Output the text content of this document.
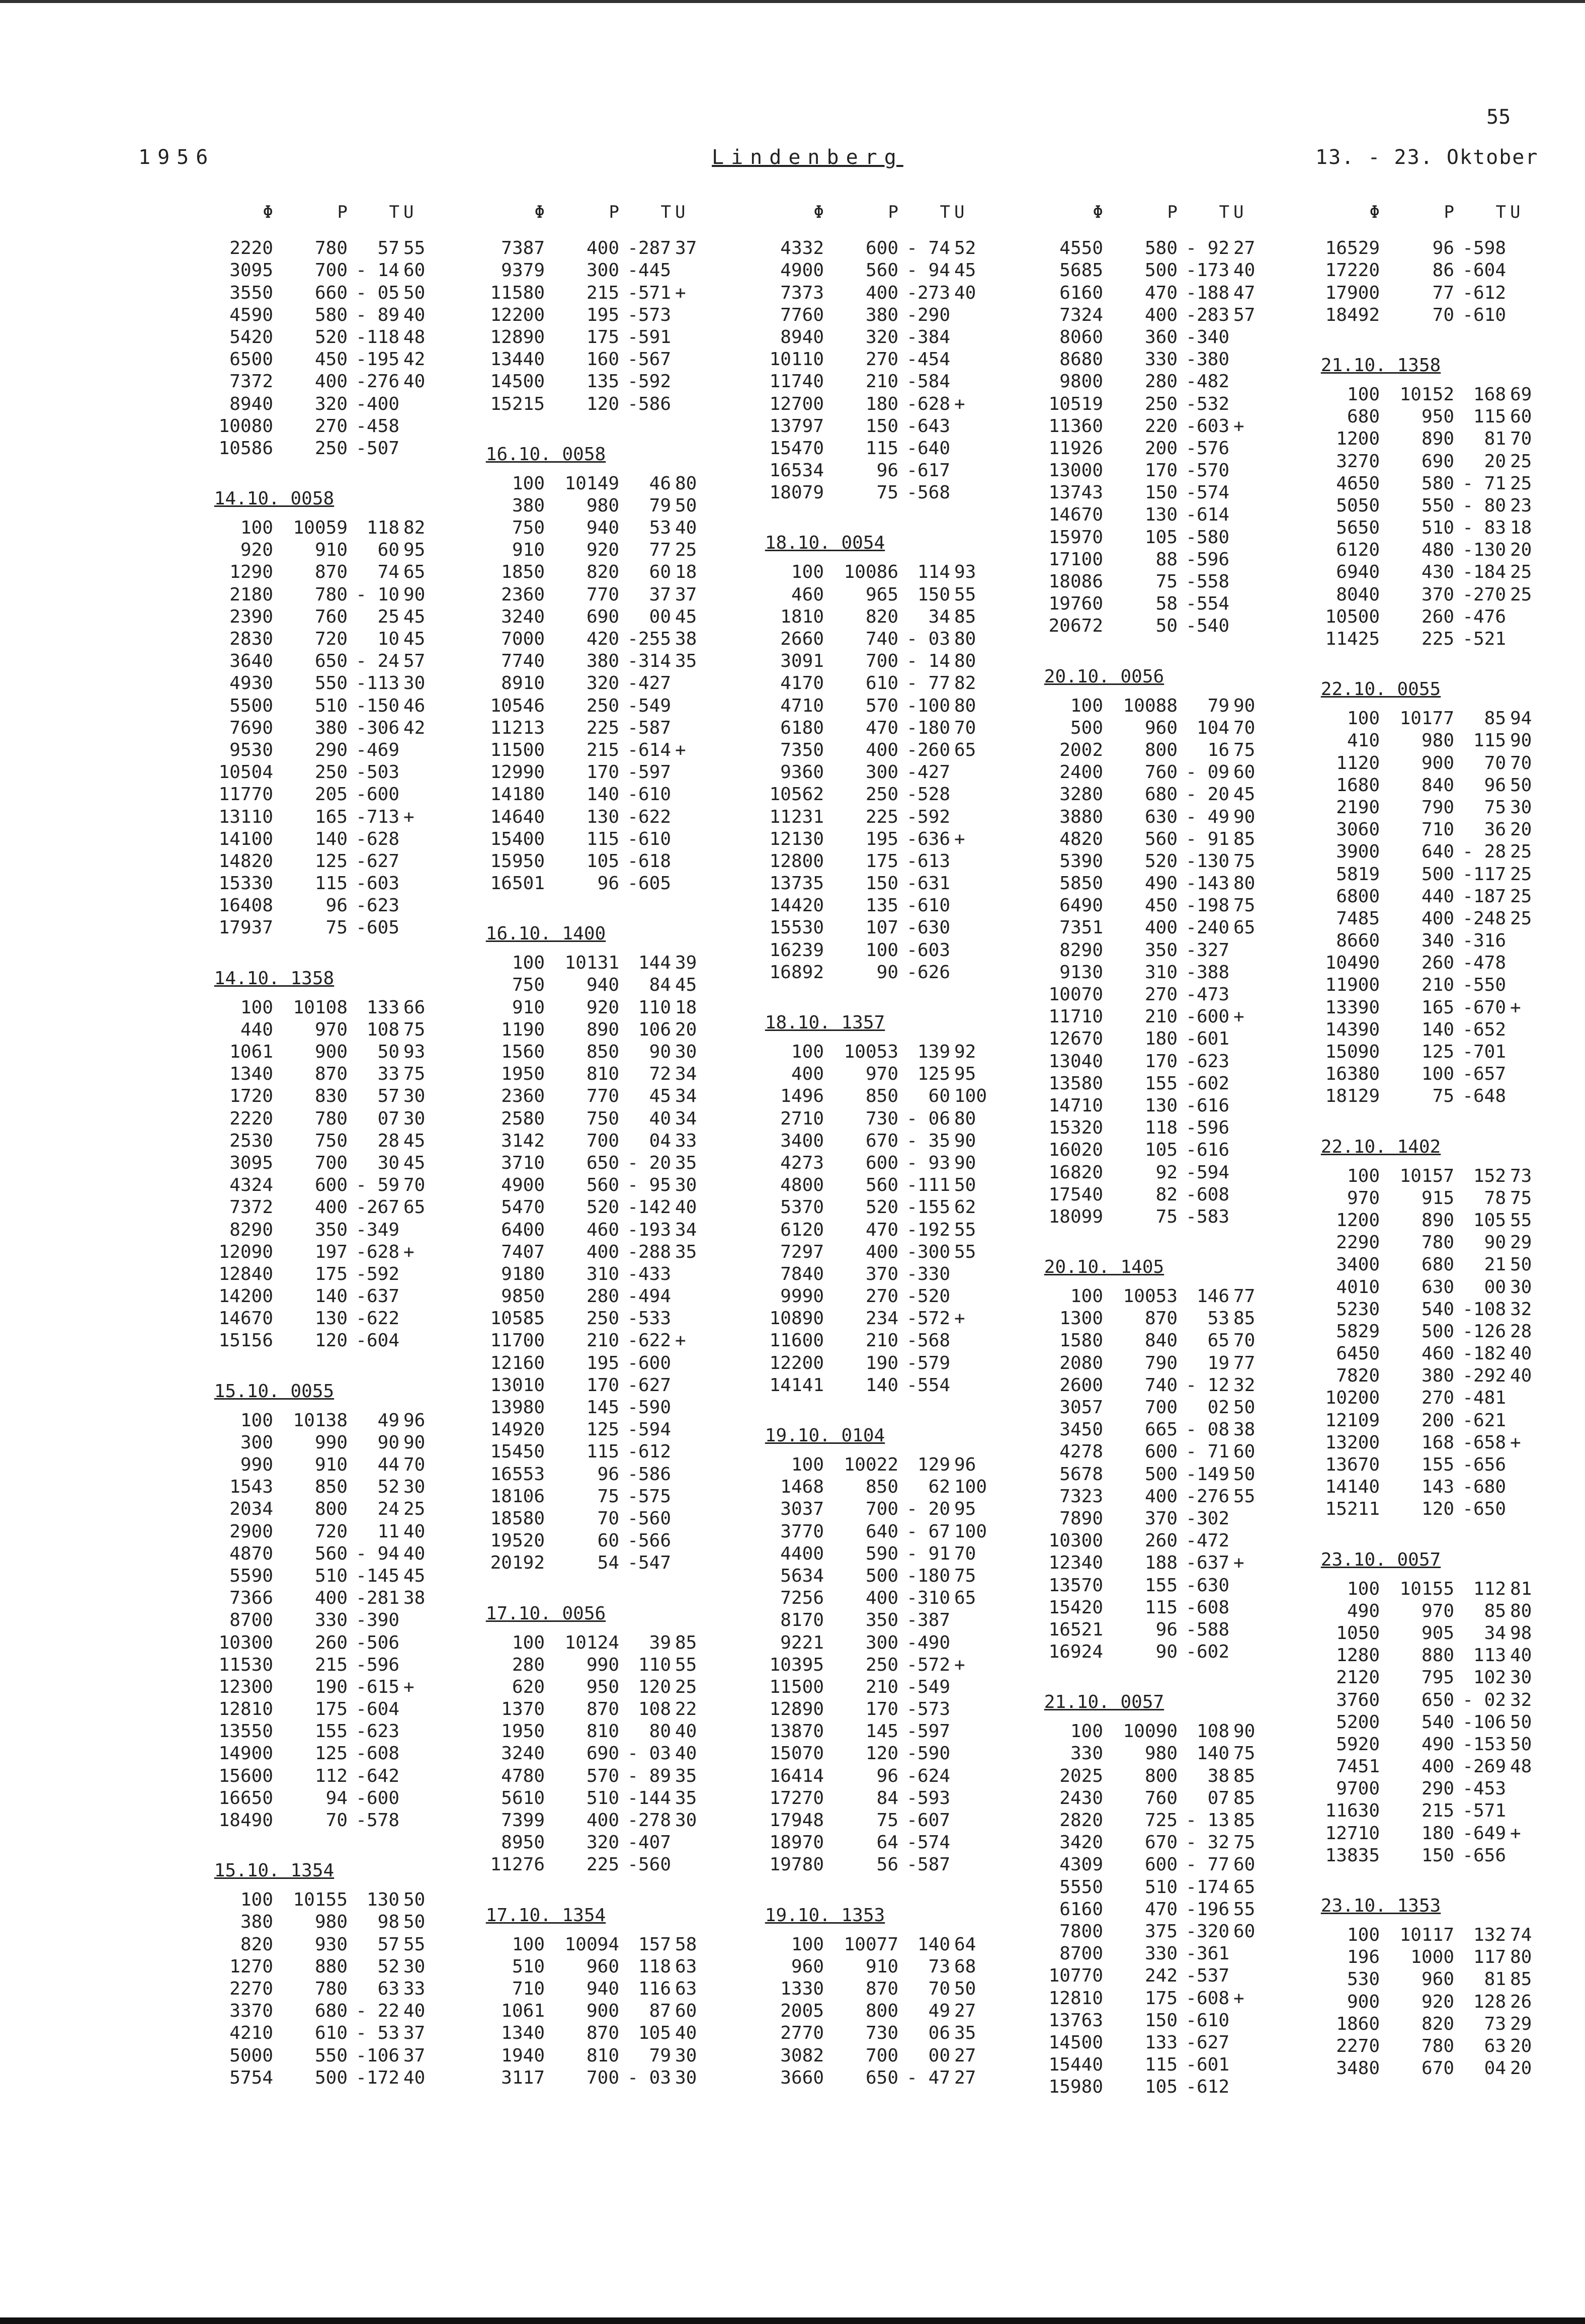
55
1956	Lindenberg	13. - 23. Oktober
Φ	P	T U
2220	780	57 55
3095	700 - 14 60
3550	660 - 05 50
4590	580 - 89 40
5420	520 -118 48
6500	450 -195 42
7372	400 -276 40
8940	320 -400
10080	270 -458
10586	250 -507
14.10. 0058
100	10059	118 82
920	910	60 95
1290	870	74 65
2180	780 - 10 90
2390	760	25 45
2830	720	10 45
3640	650 - 24 57
4930	550 -113 30
5500	510 -150 46
7690	380 -306 42
9530	290 -469
10504	250 -503
11770	205 -600
13110	165 -713 +
14100	140 -628
14820	125 -627
15330	115 -603
16408	96 -623
17937	75 -605
14.10. 1358
100	10108	133 66
440	970	108 75
1061	900	50 93
1340	870	33 75
1720	830	57 30
2220	780	07 30
2530	750	28 45
3095	700	30 45
4324	600 - 59 70
7372	400 -267 65
8290	350 -349
12090	197 -628 +
12840	175 -592
14200	140 -637
14670	130 -622
15156	120 -604
15.10. 0055
100	10138	49 96
300	990	90 90
990	910	44 70
1543	850	52 30
2034	800	24 25
2900	720	11 40
4870	560 - 94 40
5590	510 -145 45
7366	400 -281 38
8700	330 -390
10300	260 -506
11530	215 -596
12300	190 -615 +
12810	175 -604
13550	155 -623
14900	125 -608
15600	112 -642
16650	94 -600
18490	70 -578
15.10. 1354
100	10155	130 50
380	980	98 50
820	930	57 55
1270	880	52 30
2270	780	63 33
3370	680 - 22 40
4210	610 - 53 37
5000	550 -106 37
5754	500 -172 40
Φ	P	T U
7387	400 -287 37
9379	300 -445
11580	215 -571 +
12200	195 -573
12890	175 -591
13440	160 -567
14500	135 -592
15215	120 -586
16.10. 0058
100	10149	46 80
380	980	79 50
750	940	53 40
910	920	77 25
1850	820	60 18
2360	770	37 37
3240	690	00 45
7000	420 -255 38
7740	380 -314 35
8910	320 -427
10546	250 -549
11213	225 -587
11500	215 -614 +
12990	170 -597
14180	140 -610
14640	130 -622
15400	115 -610
15950	105 -618
16501	96 -605
16.10. 1400
100	10131	144 39
750	940	84 45
910	920	110 18
1190	890	106 20
1560	850	90 30
1950	810	72 34
2360	770	45 34
2580	750	40 34
3142	700	04 33
3710	650 - 20 35
4900	560 - 95 30
5470	520 -142 40
6400	460 -193 34
7407	400 -288 35
9180	310 -433
9850	280 -494
10585	250 -533
11700	210 -622 +
12160	195 -600
13010	170 -627
13980	145 -590
14920	125 -594
15450	115 -612
16553	96 -586
18106	75 -575
18580	70 -560
19520	60 -566
20192	54 -547
17.10. 0056
100	10124	39 85
280	990	110 55
620	950	120 25
1370	870	108 22
1950	810	80 40
3240	690 - 03 40
4780	570 - 89 35
5610	510 -144 35
7399	400 -278 30
8950	320 -407
11276	225 -560
17.10. 1354
100	10094	157 58
510	960	118 63
710	940	116 63
1061	900	87 60
1340	870	105 40
1940	810	79 30
3117	700 - 03 30
Φ	P	T U
4332	600 - 74 52
4900	560 - 94 45
7373	400 -273 40
7760	380 -290
8940	320 -384
10110	270 -454
11740	210 -584
12700	180 -628 +
13797	150 -643
15470	115 -640
16534	96 -617
18079	75 -568
18.10. 0054
100	10086	114 93
460	965	150 55
1810	820	34 85
2660	740 - 03 80
3091	700 - 14 80
4170	610 - 77 82
4710	570 -100 80
6180	470 -180 70
7350	400 -260 65
9360	300 -427
10562	250 -528
11231	225 -592
12130	195 -636 +
12800	175 -613
13735	150 -631
14420	135 -610
15530	107 -630
16239	100 -603
16892	90 -626
18.10. 1357
100	10053	139 92
400	970	125 95
1496	850	60 100
2710	730 - 06 80
3400	670 - 35 90
4273	600 - 93 90
4800	560 -111 50
5370	520 -155 62
6120	470 -192 55
7297	400 -300 55
7840	370 -330
9990	270 -520
10890	234 -572 +
11600	210 -568
12200	190 -579
14141	140 -554
19.10. 0104
100	10022	129 96
1468	850	62 100
3037	700 - 20 95
3770	640 - 67 100
4400	590 - 91 70
5634	500 -180 75
7256	400 -310 65
8170	350 -387
9221	300 -490
10395	250 -572 +
11500	210 -549
12890	170 -573
13870	145 -597
15070	120 -590
16414	96 -624
17270	84 -593
17948	75 -607
18970	64 -574
19780	56 -587
19.10. 1353
100	10077	140 64
960	910	73 68
1330	870	70 50
2005	800	49 27
2770	730	06 35
3082	700	00 27
3660	650 - 47 27
Φ	P	T U
4550	580 - 92 27
5685	500 -173 40
6160	470 -188 47
7324	400 -283 57
8060	360 -340
8680	330 -380
9800	280 -482
10519	250 -532
11360	220 -603 +
11926	200 -576
13000	170 -570
13743	150 -574
14670	130 -614
15970	105 -580
17100	88 -596
18086	75 -558
19760	58 -554
20672	50 -540
20.10. 0056
100	10088	79 90
500	960	104 70
2002	800	16 75
2400	760 - 09 60
3280	680 - 20 45
3880	630 - 49 90
4820	560 - 91 85
5390	520 -130 75
5850	490 -143 80
6490	450 -198 75
7351	400 -240 65
8290	350 -327
9130	310 -388
10070	270 -473
11710	210 -600 +
12670	180 -601
13040	170 -623
13580	155 -602
14710	130 -616
15320	118 -596
16020	105 -616
16820	92 -594
17540	82 -608
18099	75 -583
20.10. 1405
100	10053	146 77
1300	870	53 85
1580	840	65 70
2080	790	19 77
2600	740 - 12 32
3057	700	02 50
3450	665 - 08 38
4278	600 - 71 60
5678	500 -149 50
7323	400 -276 55
7890	370 -302
10300	260 -472
12340	188 -637 +
13570	155 -630
15420	115 -608
16521	96 -588
16924	90 -602
21.10. 0057
100	10090	108 90
330	980	140 75
2025	800	38 85
2430	760	07 85
2820	725 - 13 85
3420	670 - 32 75
4309	600 - 77 60
5550	510 -174 65
6160	470 -196 55
7800	375 -320 60
8700	330 -361
10770	242 -537
12810	175 -608 +
13763	150 -610
14500	133 -627
15440	115 -601
15980	105 -612
Φ	P	T U
16529	96 -598
17220	86 -604
17900	77 -612
18492	70 -610
21.10. 1358
100	10152	168 69
680	950	115 60
1200	890	81 70
3270	690	20 25
4650	580 - 71 25
5050	550 - 80 23
5650	510 - 83 18
6120	480 -130 20
6940	430 -184 25
8040	370 -270 25
10500	260 -476
11425	225 -521
22.10. 0055
100	10177	85 94
410	980	115 90
1120	900	70 70
1680	840	96 50
2190	790	75 30
3060	710	36 20
3900	640 - 28 25
5819	500 -117 25
6800	440 -187 25
7485	400 -248 25
8660	340 -316
10490	260 -478
11900	210 -550
13390	165 -670 +
14390	140 -652
15090	125 -701
16380	100 -657
18129	75 -648
22.10. 1402
100	10157	152 73
970	915	78 75
1200	890	105 55
2290	780	90 29
3400	680	21 50
4010	630	00 30
5230	540 -108 32
5829	500 -126 28
6450	460 -182 40
7820	380 -292 40
10200	270 -481
12109	200 -621
13200	168 -658 +
13670	155 -656
14140	143 -680
15211	120 -650
23.10. 0057
100	10155	112 81
490	970	85 80
1050	905	34 98
1280	880	113 40
2120	795	102 30
3760	650 - 02 32
5200	540 -106 50
5920	490 -153 50
7451	400 -269 48
9700	290 -453
11630	215 -571
12710	180 -649 +
13835	150 -656
23.10. 1353
100	10117	132 74
196	1000	117 80
530	960	81 85
900	920	128 26
1860	820	73 29
2270	780	63 20
3480	670	04 20
